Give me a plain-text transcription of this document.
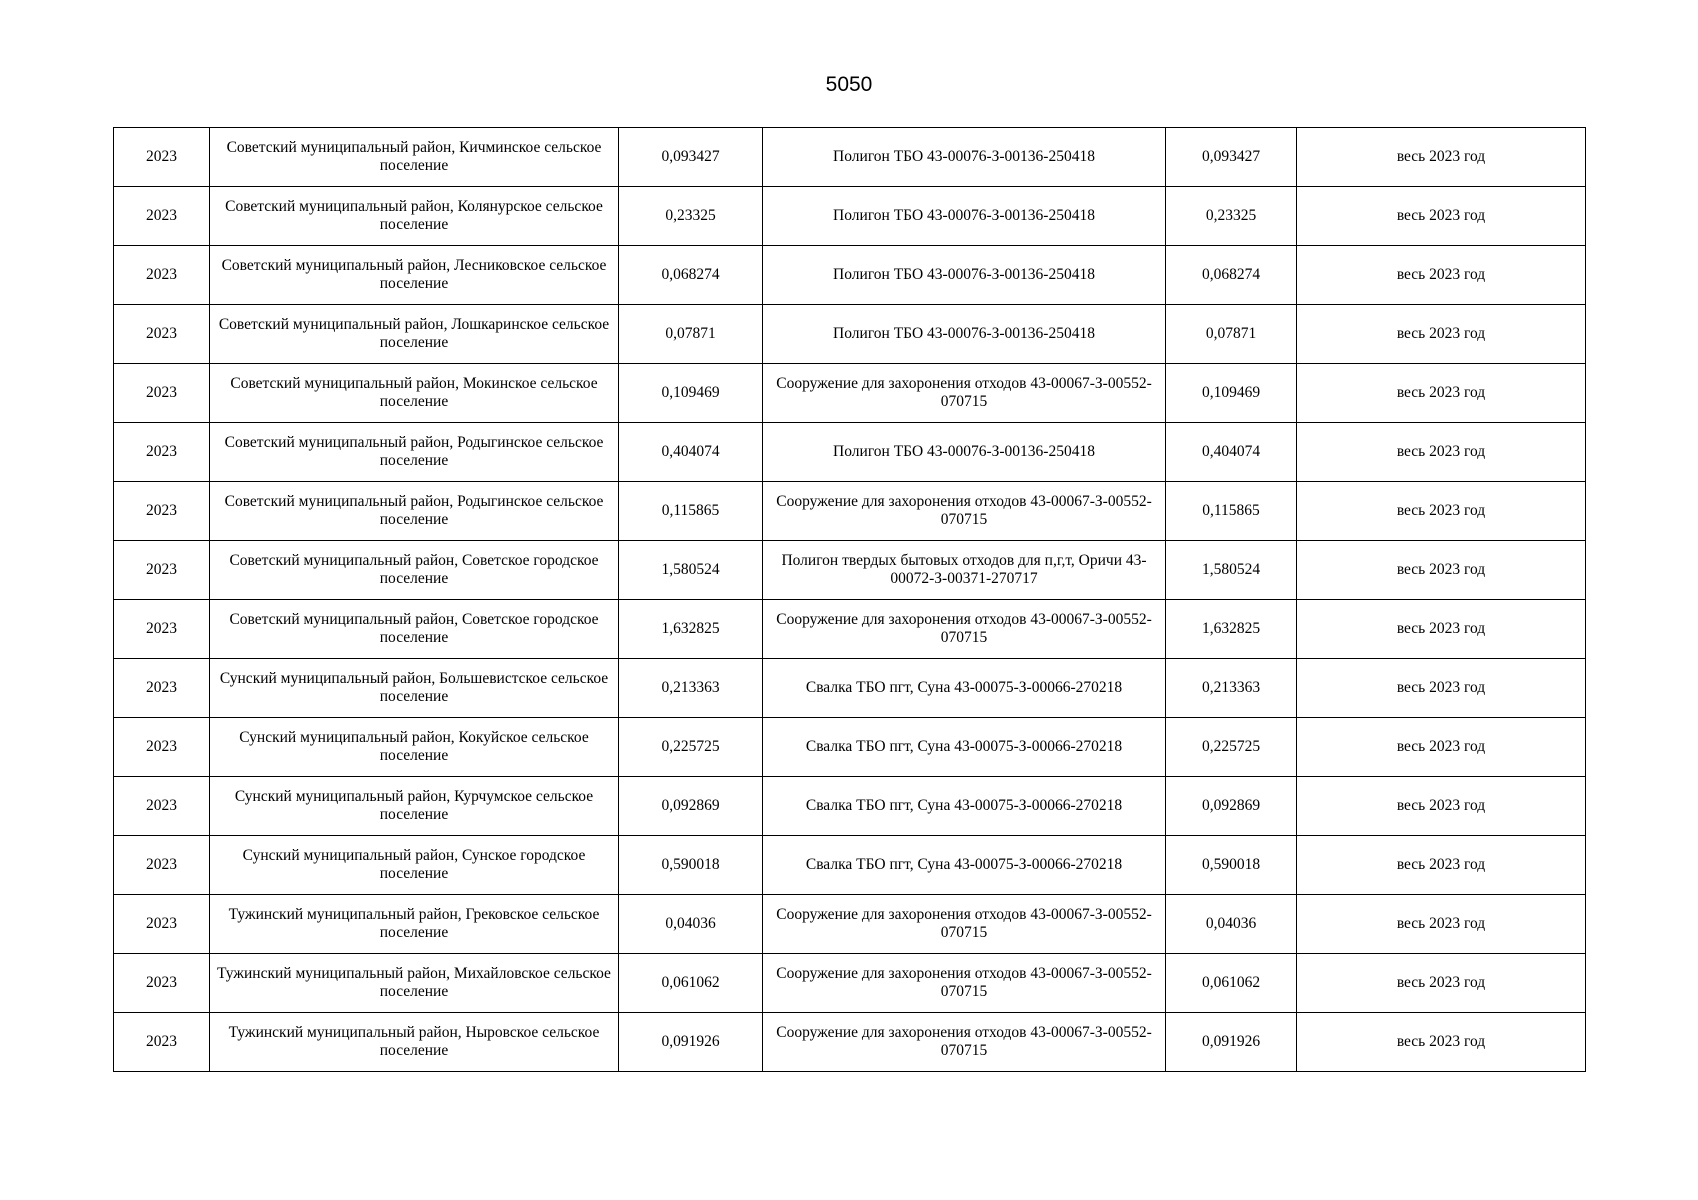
5050
2023	Советский муниципальный район, Кичминское сельское поселение	0,093427	Полигон ТБО 43-00076-З-00136-250418	0,093427	весь 2023 год
2023	Советский муниципальный район, Колянурское сельское поселение	0,23325	Полигон ТБО 43-00076-З-00136-250418	0,23325	весь 2023 год
2023	Советский муниципальный район, Лесниковское сельское поселение	0,068274	Полигон ТБО 43-00076-З-00136-250418	0,068274	весь 2023 год
2023	Советский муниципальный район, Лошкаринское сельское поселение	0,07871	Полигон ТБО 43-00076-З-00136-250418	0,07871	весь 2023 год
2023	Советский муниципальный район, Мокинское сельское поселение	0,109469	Сооружение для захоронения отходов 43-00067-З-00552-070715	0,109469	весь 2023 год
2023	Советский муниципальный район, Родыгинское сельское поселение	0,404074	Полигон ТБО 43-00076-З-00136-250418	0,404074	весь 2023 год
2023	Советский муниципальный район, Родыгинское сельское поселение	0,115865	Сооружение для захоронения отходов 43-00067-З-00552-070715	0,115865	весь 2023 год
2023	Советский муниципальный район, Советское городское поселение	1,580524	Полигон твердых бытовых отходов для п,г,т, Оричи 43-00072-З-00371-270717	1,580524	весь 2023 год
2023	Советский муниципальный район, Советское городское поселение	1,632825	Сооружение для захоронения отходов 43-00067-З-00552-070715	1,632825	весь 2023 год
2023	Сунский муниципальный район, Большевистское сельское поселение	0,213363	Свалка ТБО пгт, Суна 43-00075-З-00066-270218	0,213363	весь 2023 год
2023	Сунский муниципальный район, Кокуйское сельское поселение	0,225725	Свалка ТБО пгт, Суна 43-00075-З-00066-270218	0,225725	весь 2023 год
2023	Сунский муниципальный район, Курчумское сельское поселение	0,092869	Свалка ТБО пгт, Суна 43-00075-З-00066-270218	0,092869	весь 2023 год
2023	Сунский муниципальный район, Сунское городское поселение	0,590018	Свалка ТБО пгт, Суна 43-00075-З-00066-270218	0,590018	весь 2023 год
2023	Тужинский муниципальный район, Грековское сельское поселение	0,04036	Сооружение для захоронения отходов 43-00067-З-00552-070715	0,04036	весь 2023 год
2023	Тужинский муниципальный район, Михайловское сельское поселение	0,061062	Сооружение для захоронения отходов 43-00067-З-00552-070715	0,061062	весь 2023 год
2023	Тужинский муниципальный район, Ныровское сельское поселение	0,091926	Сооружение для захоронения отходов 43-00067-З-00552-070715	0,091926	весь 2023 год
